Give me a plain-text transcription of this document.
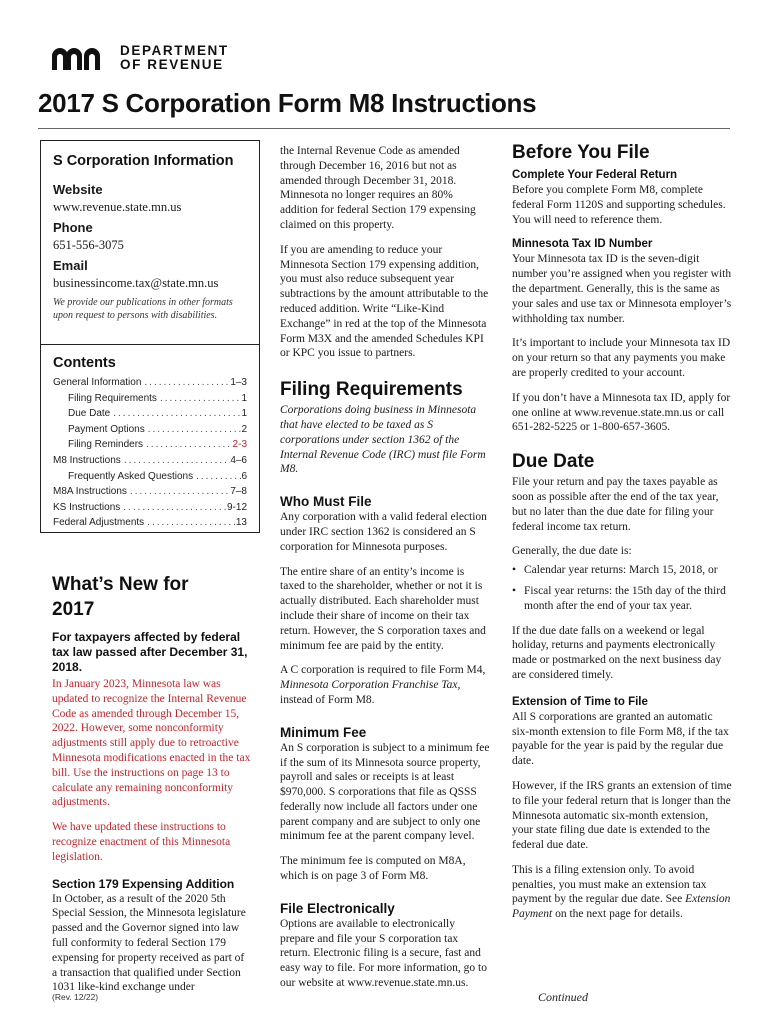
DEPARTMENT
OF REVENUE
2017 S Corporation Form M8 Instructions
S Corporation Information
Website
www.revenue.state.mn.us
Phone
651-556-3075
Email
businessincome.tax@state.mn.us

We provide our publications in other formats upon request to persons with disabilities.

Contents
General Information .....	1–3
Filing Requirements .....	1
Due Date .....	1
Payment Options .....	2
Filing Reminders .....	2-3
M8 Instructions .....	4–6
Frequently Asked Questions .....	6
M8A Instructions .....	7–8
KS Instructions .....	9-12
Federal Adjustments .....	13
What’s New for 2017
For taxpayers affected by federal tax law passed after December 31, 2018.

In January 2023, Minnesota law was updated to recognize the Internal Revenue Code as amended through December 15, 2022. However, some nonconformity adjustments still apply due to retroactive Minnesota modifications enacted in the tax bill. Use the instructions on page 13 to calculate any remaining nonconformity adjustments.

We have updated these instructions to recognize enactment of this Minnesota legislation.

Section 179 Expensing Addition

In October, as a result of the 2020 5th Special Session, the Minnesota legislature passed and the Governor signed into law full conformity to federal Section 179 expensing for property received as part of a transaction that qualified under Section 1031 like-kind exchange under

the Internal Revenue Code as amended through December 16, 2016 but not as amended through December 31, 2018. Minnesota no longer requires an 80% addition for federal Section 179 expensing claimed on this property.

If you are amending to reduce your Minnesota Section 179 expensing addition, you must also reduce subsequent year subtractions by the amount attributable to the reduced addition. Write “Like-Kind Exchange” in red at the top of the Minnesota Form M3X and the amended Schedules KPI or KPC you issue to partners.

Filing Requirements

Corporations doing business in Minnesota that have elected to be taxed as S corporations under section 1362 of the Internal Revenue Code (IRC) must file Form M8.

Who Must File

Any corporation with a valid federal election under IRC section 1362 is considered an S corporation for Minnesota purposes.

The entire share of an entity’s income is taxed to the shareholder, whether or not it is actually distributed. Each shareholder must include their share of income on their tax return. However, the S corporation taxes and minimum fee are paid by the entity.

A C corporation is required to file Form M4, Minnesota Corporation Franchise Tax, instead of Form M8.

Minimum Fee

An S corporation is subject to a minimum fee if the sum of its Minnesota source property, payroll and sales or receipts is at least $970,000. S corporations that file as QSSS federally now include all factors under one parent company and are subject to only one minimum fee at the parent company level.

The minimum fee is computed on M8A, which is on page 3 of Form M8.

File Electronically

Options are available to electronically prepare and file your S corporation tax return. Electronic filing is a secure, fast and easy way to file. For more information, go to our website at www.revenue.state.mn.us.

Before You File
Complete Your Federal Return

Before you complete Form M8, complete federal Form 1120S and supporting schedules. You will need to reference them.

Minnesota Tax ID Number

Your Minnesota tax ID is the seven-digit number you’re assigned when you register with the department. Generally, this is the same as your sales and use tax or Minnesota employer’s withholding tax number.

It’s important to include your Minnesota tax ID on your return so that any payments you make are properly credited to your account.

If you don’t have a Minnesota tax ID, apply for one online at www.revenue.state.mn.us or call 651-282-5225 or 1-800-657-3605.

Due Date

File your return and pay the taxes payable as soon as possible after the end of the tax year, but no later than the due date for filing your federal income tax return.

Generally, the due date is:

• Calendar year returns: March 15, 2018, or
• Fiscal year returns: the 15th day of the third month after the end of your tax year.

If the due date falls on a weekend or legal holiday, returns and payments electronically made or postmarked on the next business day are considered timely.

Extension of Time to File

All S corporations are granted an automatic six-month extension to file Form M8, if the tax payable for the year is paid by the regular due date.

However, if the IRS grants an extension of time to file your federal return that is longer than the Minnesota automatic six-month extension, your state filing due date is extended to the federal due date.

This is a filing extension only. To avoid penalties, you must make an extension tax payment by the regular due date. See Extension Payment on the next page for details.

(Rev. 12/22)	Continued
